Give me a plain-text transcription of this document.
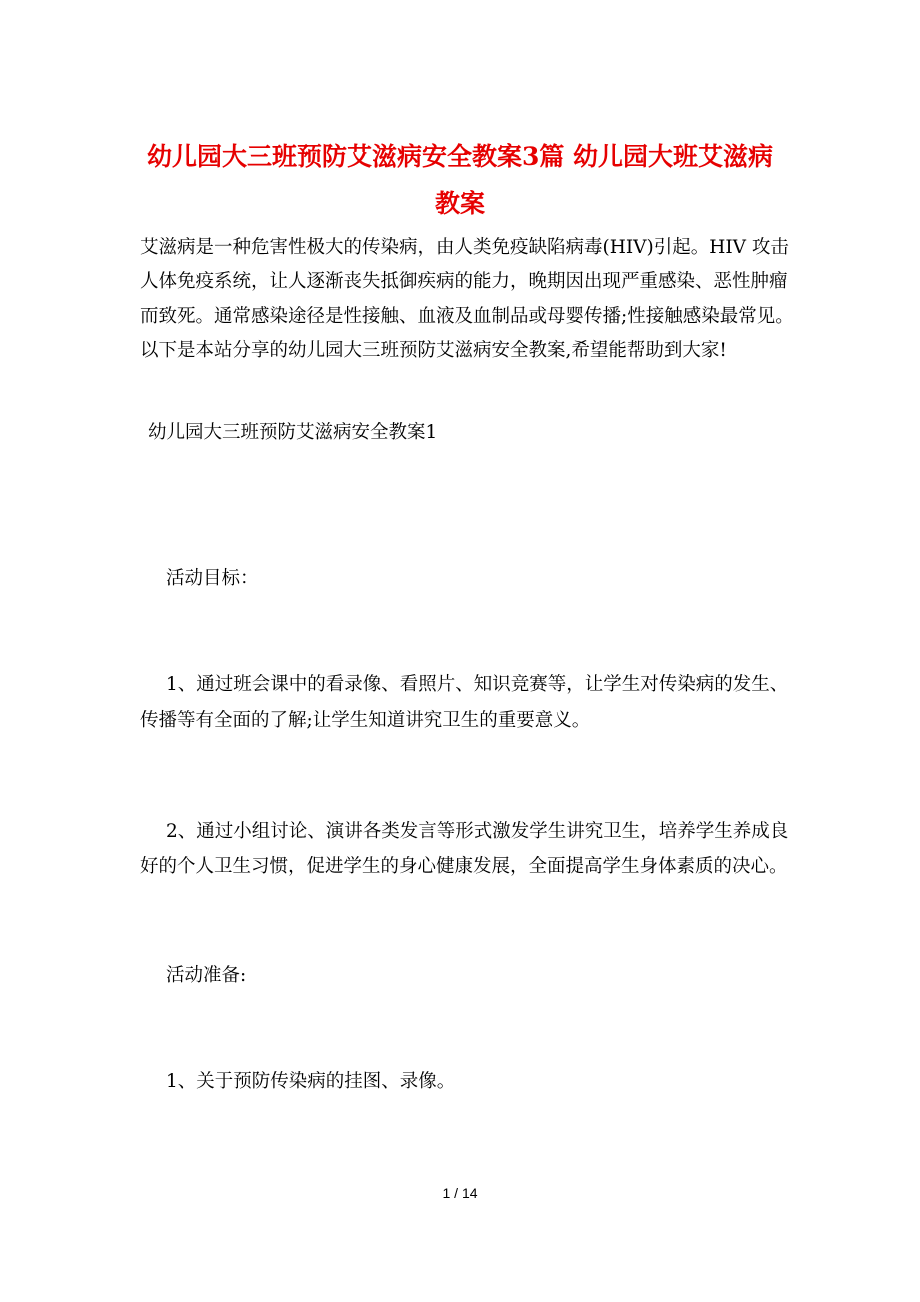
幼儿园大三班预防艾滋病安全教案3篇 幼儿园大班艾滋病
教案

艾滋病是一种危害性极大的传染病，由人类免疫缺陷病毒(HIV)引起。HIV 攻击

人体免疫系统，让人逐渐丧失抵御疾病的能力，晚期因出现严重感染、恶性肿瘤

而致死。通常感染途径是性接触、血液及血制品或母婴传播;性接触感染最常见。

以下是本站分享的幼儿园大三班预防艾滋病安全教案,希望能帮助到大家!

幼儿园大三班预防艾滋病安全教案1

活动目标：

1、通过班会课中的看录像、看照片、知识竞赛等，让学生对传染病的发生、

传播等有全面的了解;让学生知道讲究卫生的重要意义。

2、通过小组讨论、演讲各类发言等形式激发学生讲究卫生，培养学生养成良

好的个人卫生习惯，促进学生的身心健康发展，全面提高学生身体素质的决心。

活动准备:

1、关于预防传染病的挂图、录像。

1 / 14
